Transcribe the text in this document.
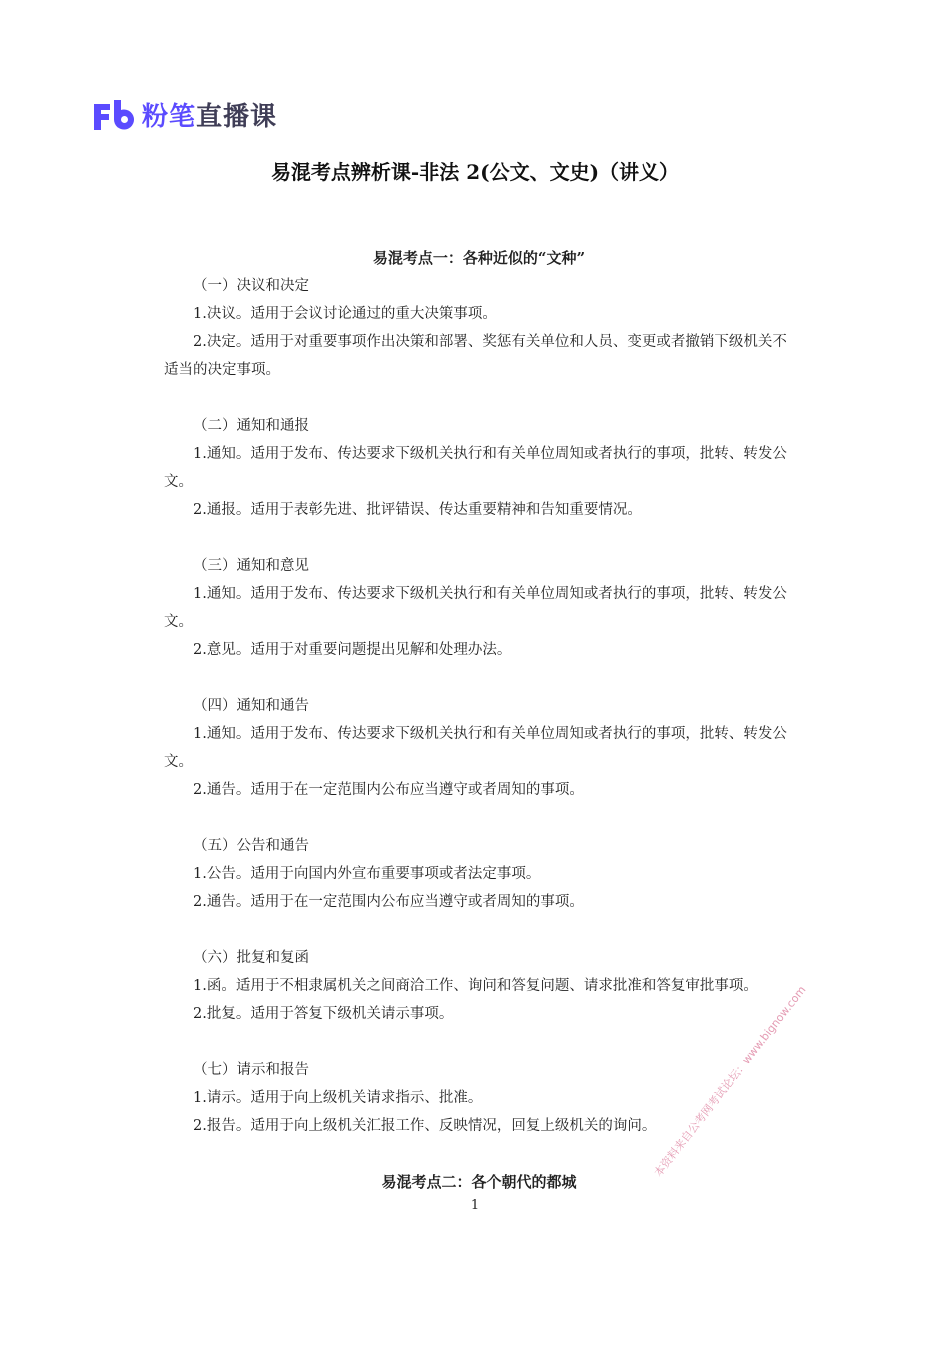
粉笔直播课
易混考点辨析课-非法 2(公文、文史)（讲义）

易混考点一：各种近似的“文种”

（一）决议和决定

1.决议。适用于会议讨论通过的重大决策事项。

2.决定。适用于对重要事项作出决策和部署、奖惩有关单位和人员、变更或者撤销下级机关不适当的决定事项。

（二）通知和通报

1.通知。适用于发布、传达要求下级机关执行和有关单位周知或者执行的事项，批转、转发公文。

2.通报。适用于表彰先进、批评错误、传达重要精神和告知重要情况。

（三）通知和意见

1.通知。适用于发布、传达要求下级机关执行和有关单位周知或者执行的事项，批转、转发公文。

2.意见。适用于对重要问题提出见解和处理办法。

（四）通知和通告

1.通知。适用于发布、传达要求下级机关执行和有关单位周知或者执行的事项，批转、转发公文。

2.通告。适用于在一定范围内公布应当遵守或者周知的事项。

（五）公告和通告

1.公告。适用于向国内外宣布重要事项或者法定事项。

2.通告。适用于在一定范围内公布应当遵守或者周知的事项。

（六）批复和复函

1.函。适用于不相隶属机关之间商洽工作、询问和答复问题、请求批准和答复审批事项。

2.批复。适用于答复下级机关请示事项。

（七）请示和报告

1.请示。适用于向上级机关请求指示、批准。

2.报告。适用于向上级机关汇报工作、反映情况，回复上级机关的询问。

易混考点二：各个朝代的都城

1
本资料来自公考网考试论坛：www.bignow.com
